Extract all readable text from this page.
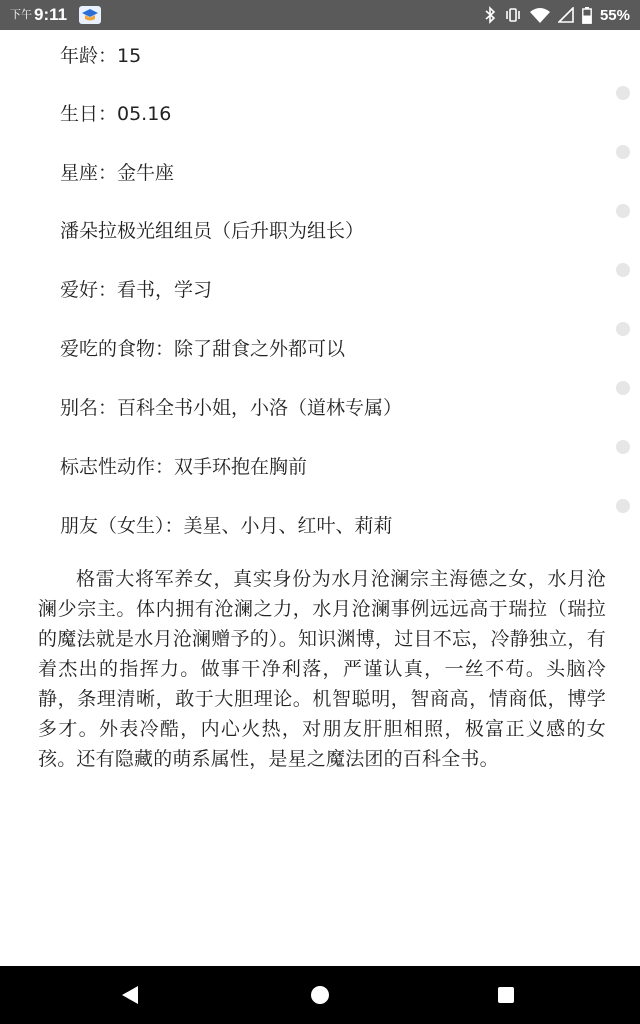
下午 9:11	55%
年龄：15
生日：05.16
星座：金牛座
潘朵拉极光组组员（后升职为组长）
爱好：看书，学习
爱吃的食物：除了甜食之外都可以
别名：百科全书小姐，小洛（道林专属）
标志性动作：双手环抱在胸前
朋友（女生）：美星、小月、红叶、莉莉

格雷大将军养女，真实身份为水月沧澜宗主海德之女，水月沧澜少宗主。体内拥有沧澜之力，水月沧澜事例远远高于瑞拉（瑞拉的魔法就是水月沧澜赠予的）。知识渊博，过目不忘，冷静独立，有着杰出的指挥力。做事干净利落，严谨认真，一丝不苟。头脑冷静，条理清晰，敢于大胆理论。机智聪明，智商高，情商低，博学多才。外表冷酷，内心火热，对朋友肝胆相照，极富正义感的女孩。还有隐藏的萌系属性，是星之魔法团的百科全书。
